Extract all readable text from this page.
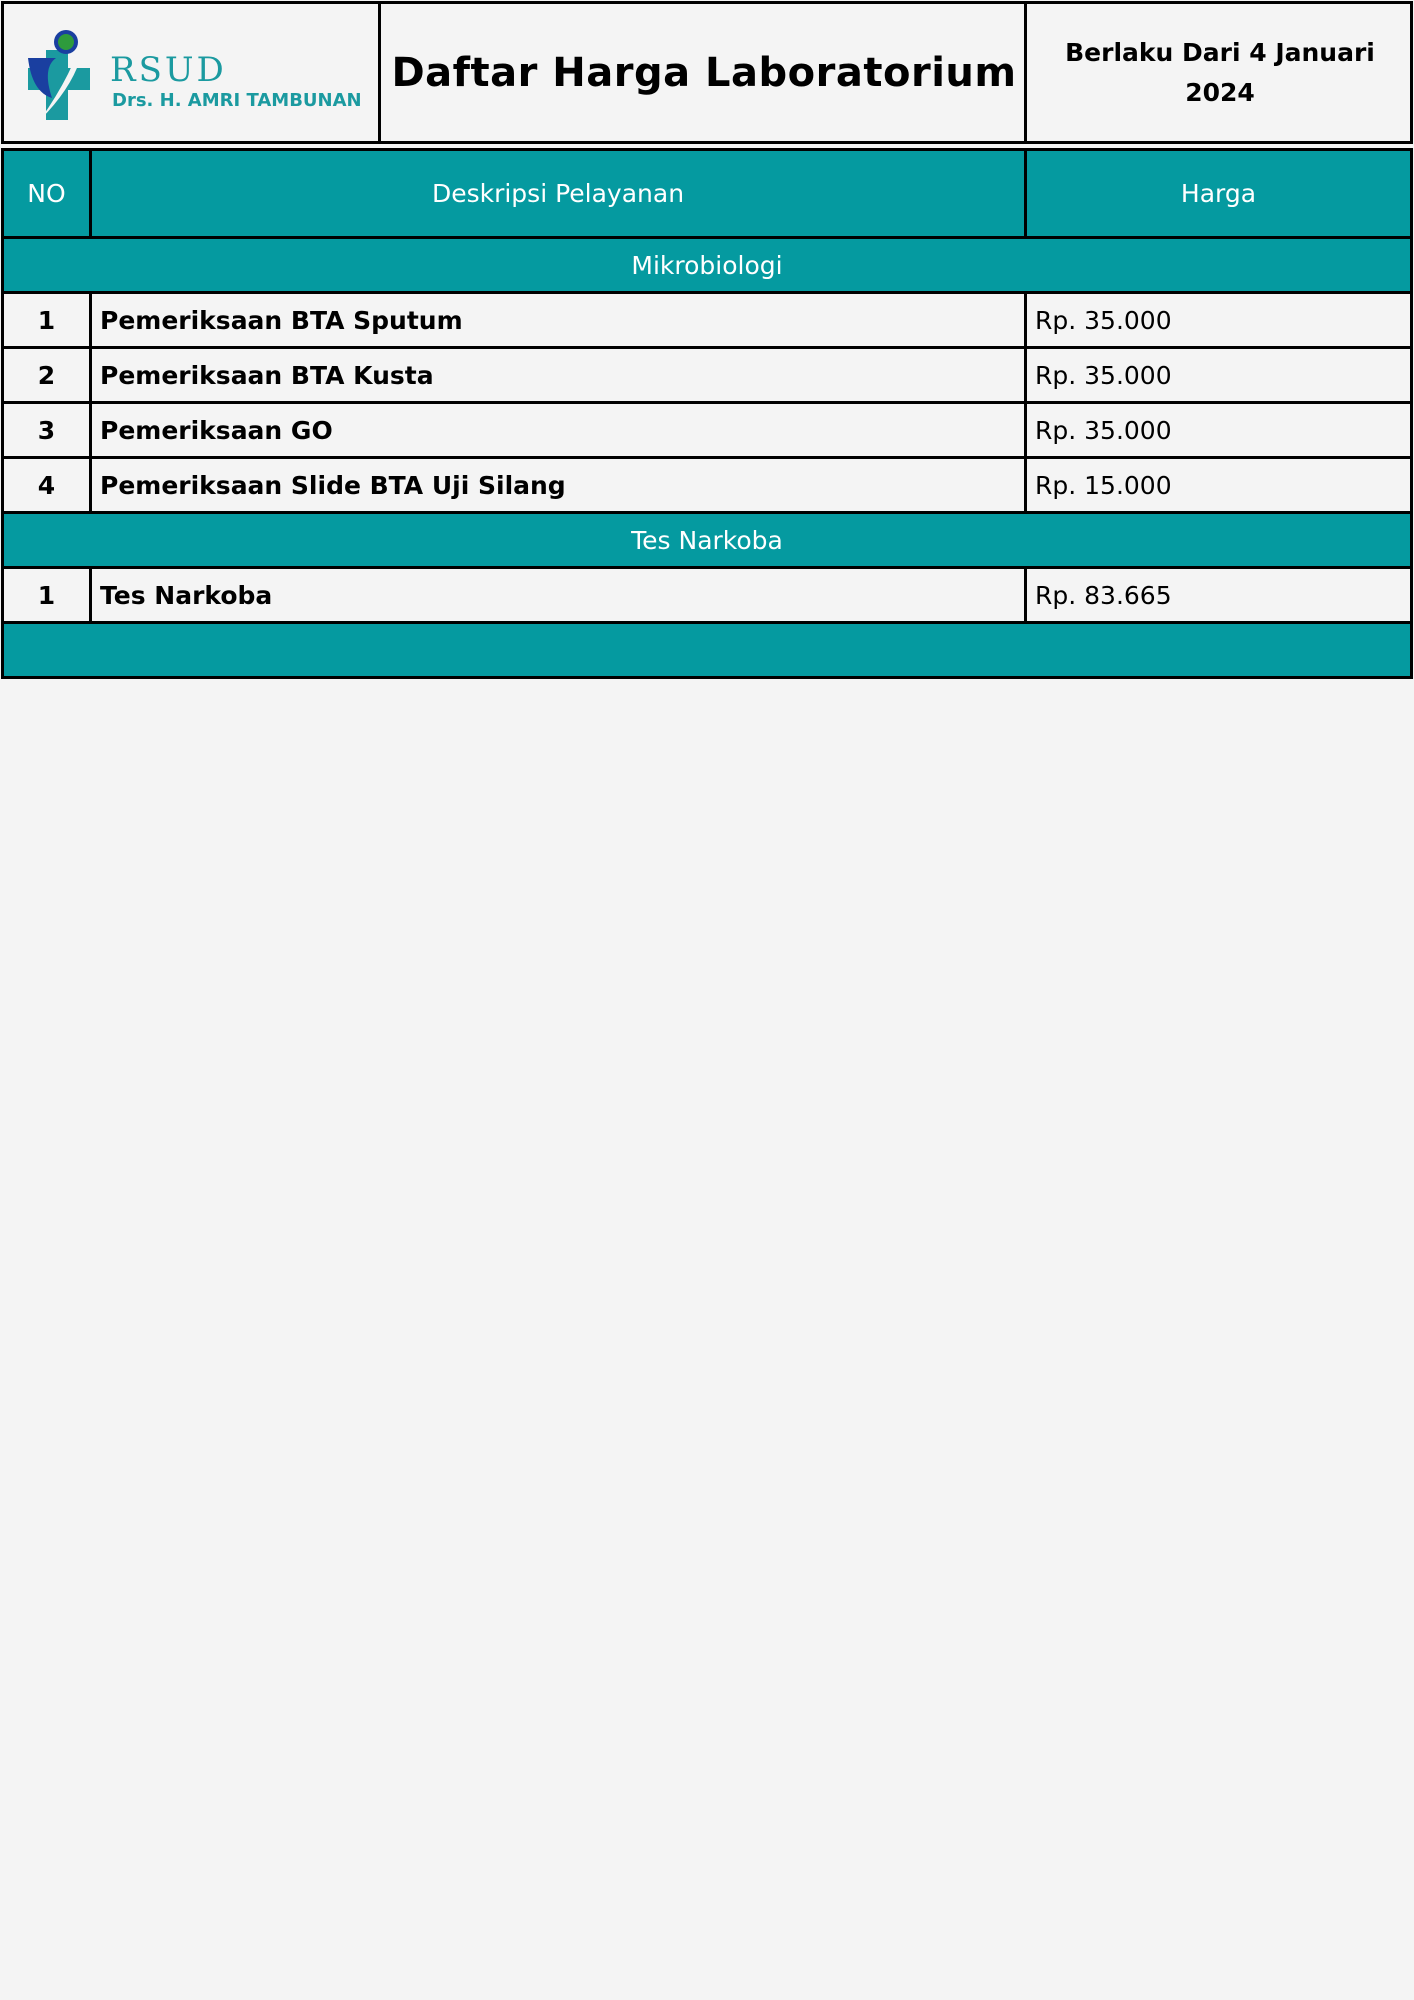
RSUD
Drs. H. AMRI TAMBUNAN
Daftar Harga Laboratorium Berlaku Dari 4 Januari 2024
NO	Deskripsi Pelayanan	Harga
Mikrobiologi
1	Pemeriksaan BTA Sputum	Rp. 35.000
2	Pemeriksaan BTA Kusta	Rp. 35.000
3	Pemeriksaan GO	Rp. 35.000
4	Pemeriksaan Slide BTA Uji Silang	Rp. 15.000
Tes Narkoba
1	Tes Narkoba	Rp. 83.665
